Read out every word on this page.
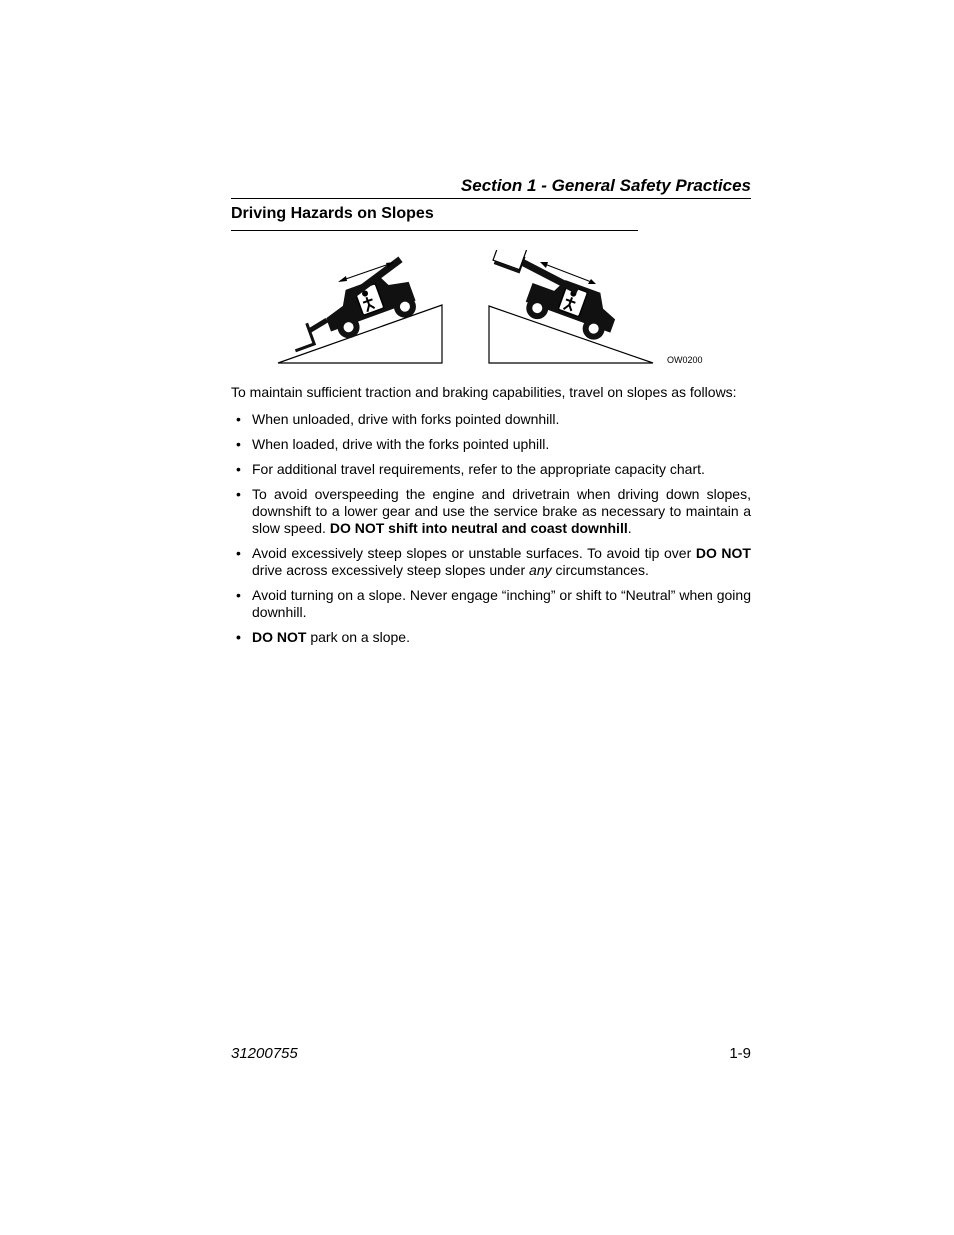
Section 1 - General Safety Practices
Driving Hazards on Slopes
OW0200
To maintain sufficient traction and braking capabilities, travel on slopes as follows:
• When unloaded, drive with forks pointed downhill.
• When loaded, drive with the forks pointed uphill.
• For additional travel requirements, refer to the appropriate capacity chart.
• To avoid overspeeding the engine and drivetrain when driving down slopes, downshift to a lower gear and use the service brake as necessary to maintain a slow speed. DO NOT shift into neutral and coast downhill.
• Avoid excessively steep slopes or unstable surfaces. To avoid tip over DO NOT drive across excessively steep slopes under any circumstances.
• Avoid turning on a slope. Never engage “inching” or shift to “Neutral” when going downhill.
• DO NOT park on a slope.
31200755	1-9
